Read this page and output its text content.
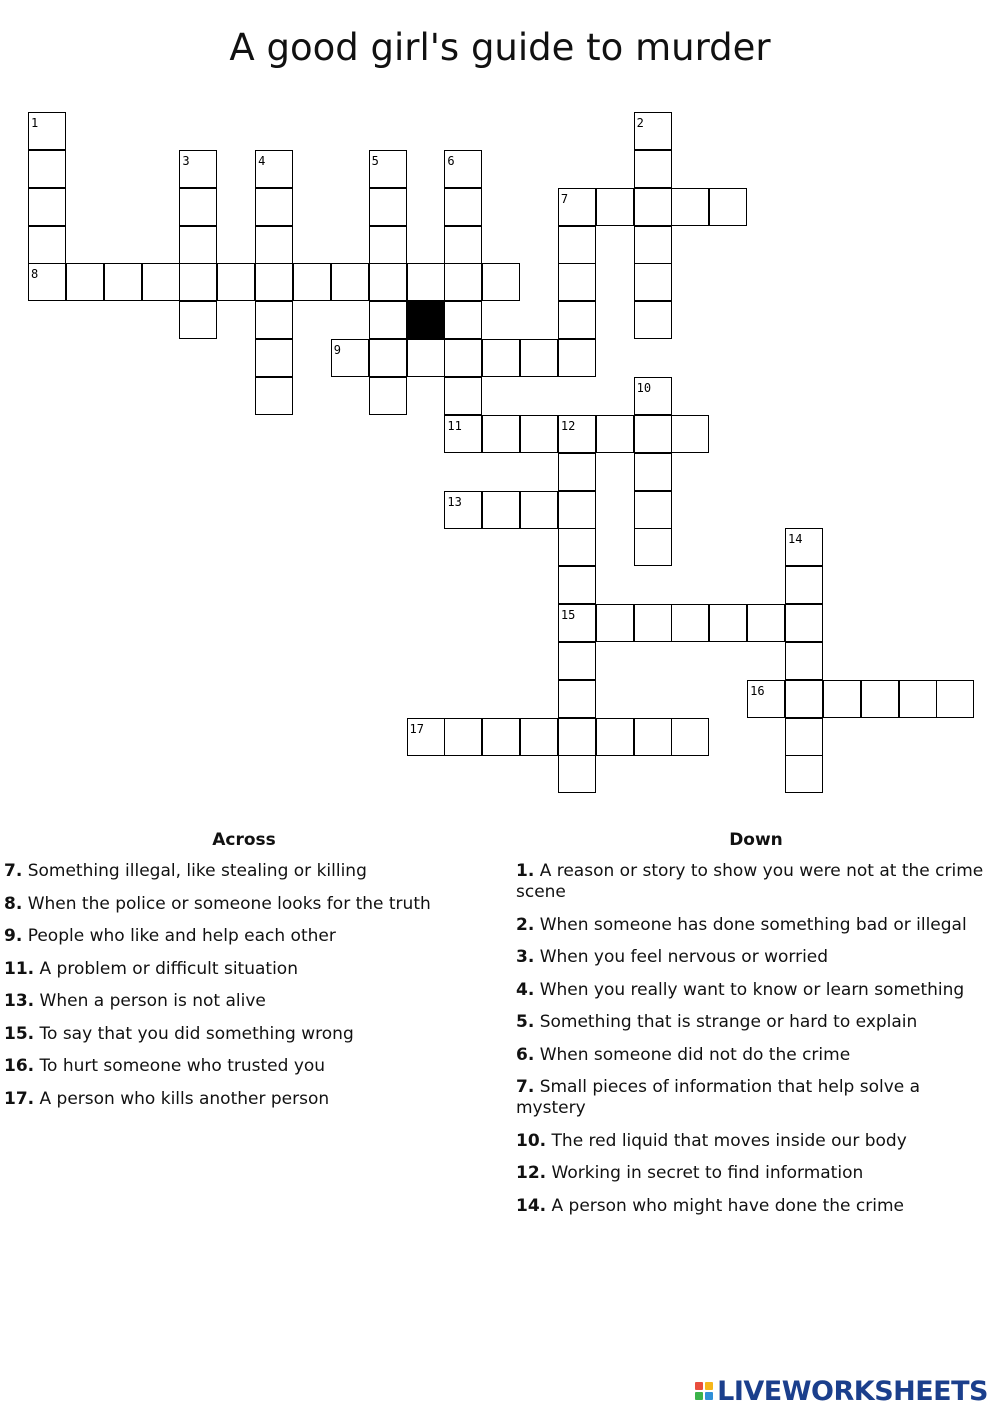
A good girl's guide to murder
1
8
2
3	4	5	6
11
7
9
10
12
15
13
14
16
17
Across
7. Something illegal, like stealing or killing
8. When the police or someone looks for the truth
9. People who like and help each other
11. A problem or difficult situation
13. When a person is not alive
15. To say that you did something wrong
16. To hurt someone who trusted you
17. A person who kills another person
Down
1. A reason or story to show you were not at the crime scene
2. When someone has done something bad or illegal
3. When you feel nervous or worried
4. When you really want to know or learn something
5. Something that is strange or hard to explain
6. When someone did not do the crime
7. Small pieces of information that help solve a mystery
10. The red liquid that moves inside our body
12. Working in secret to find information
14. A person who might have done the crime
LIVEWORKSHEETS
